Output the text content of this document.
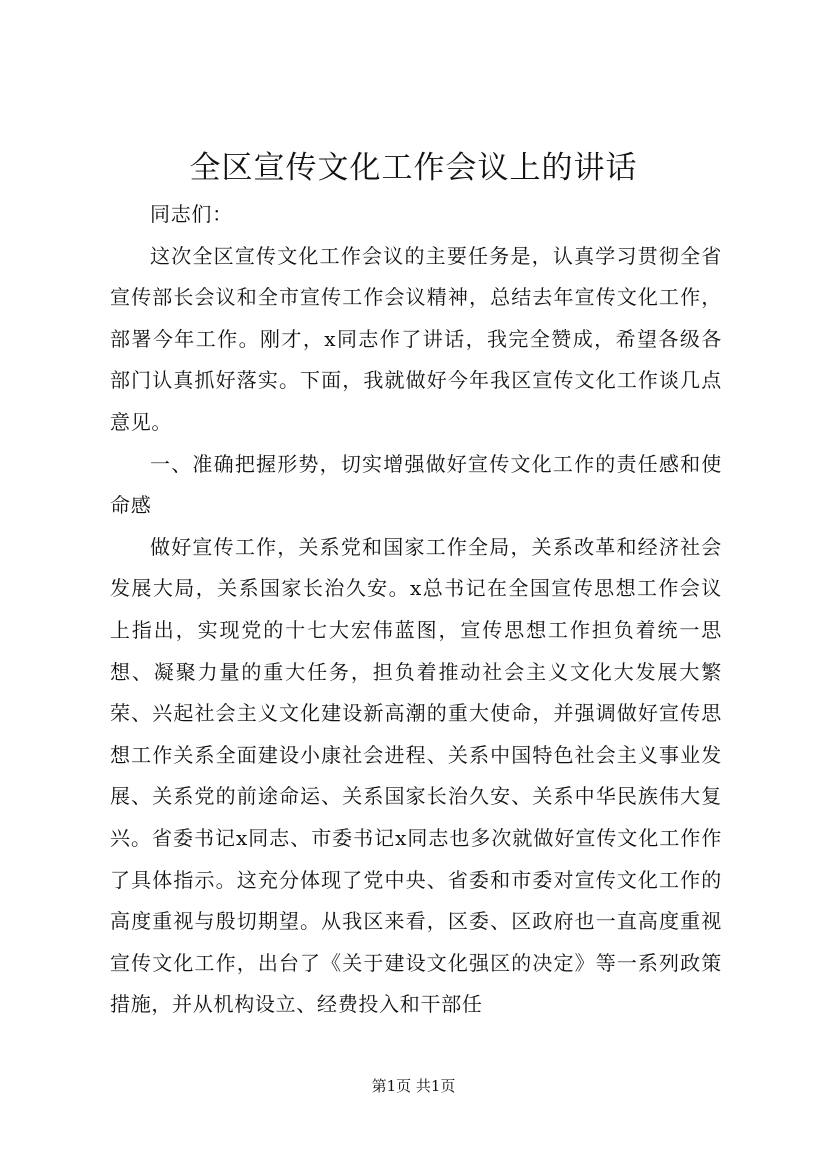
全区宣传文化工作会议上的讲话

同志们：

这次全区宣传文化工作会议的主要任务是，认真学习贯彻全省宣传部长会议和全市宣传工作会议精神，总结去年宣传文化工作，部署今年工作。刚才，x同志作了讲话，我完全赞成，希望各级各部门认真抓好落实。下面，我就做好今年我区宣传文化工作谈几点意见。

一、准确把握形势，切实增强做好宣传文化工作的责任感和使命感

做好宣传工作，关系党和国家工作全局，关系改革和经济社会发展大局，关系国家长治久安。x总书记在全国宣传思想工作会议上指出，实现党的十七大宏伟蓝图，宣传思想工作担负着统一思想、凝聚力量的重大任务，担负着推动社会主义文化大发展大繁荣、兴起社会主义文化建设新高潮的重大使命，并强调做好宣传思想工作关系全面建设小康社会进程、关系中国特色社会主义事业发展、关系党的前途命运、关系国家长治久安、关系中华民族伟大复兴。省委书记x同志、市委书记x同志也多次就做好宣传文化工作作了具体指示。这充分体现了党中央、省委和市委对宣传文化工作的高度重视与殷切期望。从我区来看，区委、区政府也一直高度重视宣传文化工作，出台了《关于建设文化强区的决定》等一系列政策措施，并从机构设立、经费投入和干部任

第1页 共1页
